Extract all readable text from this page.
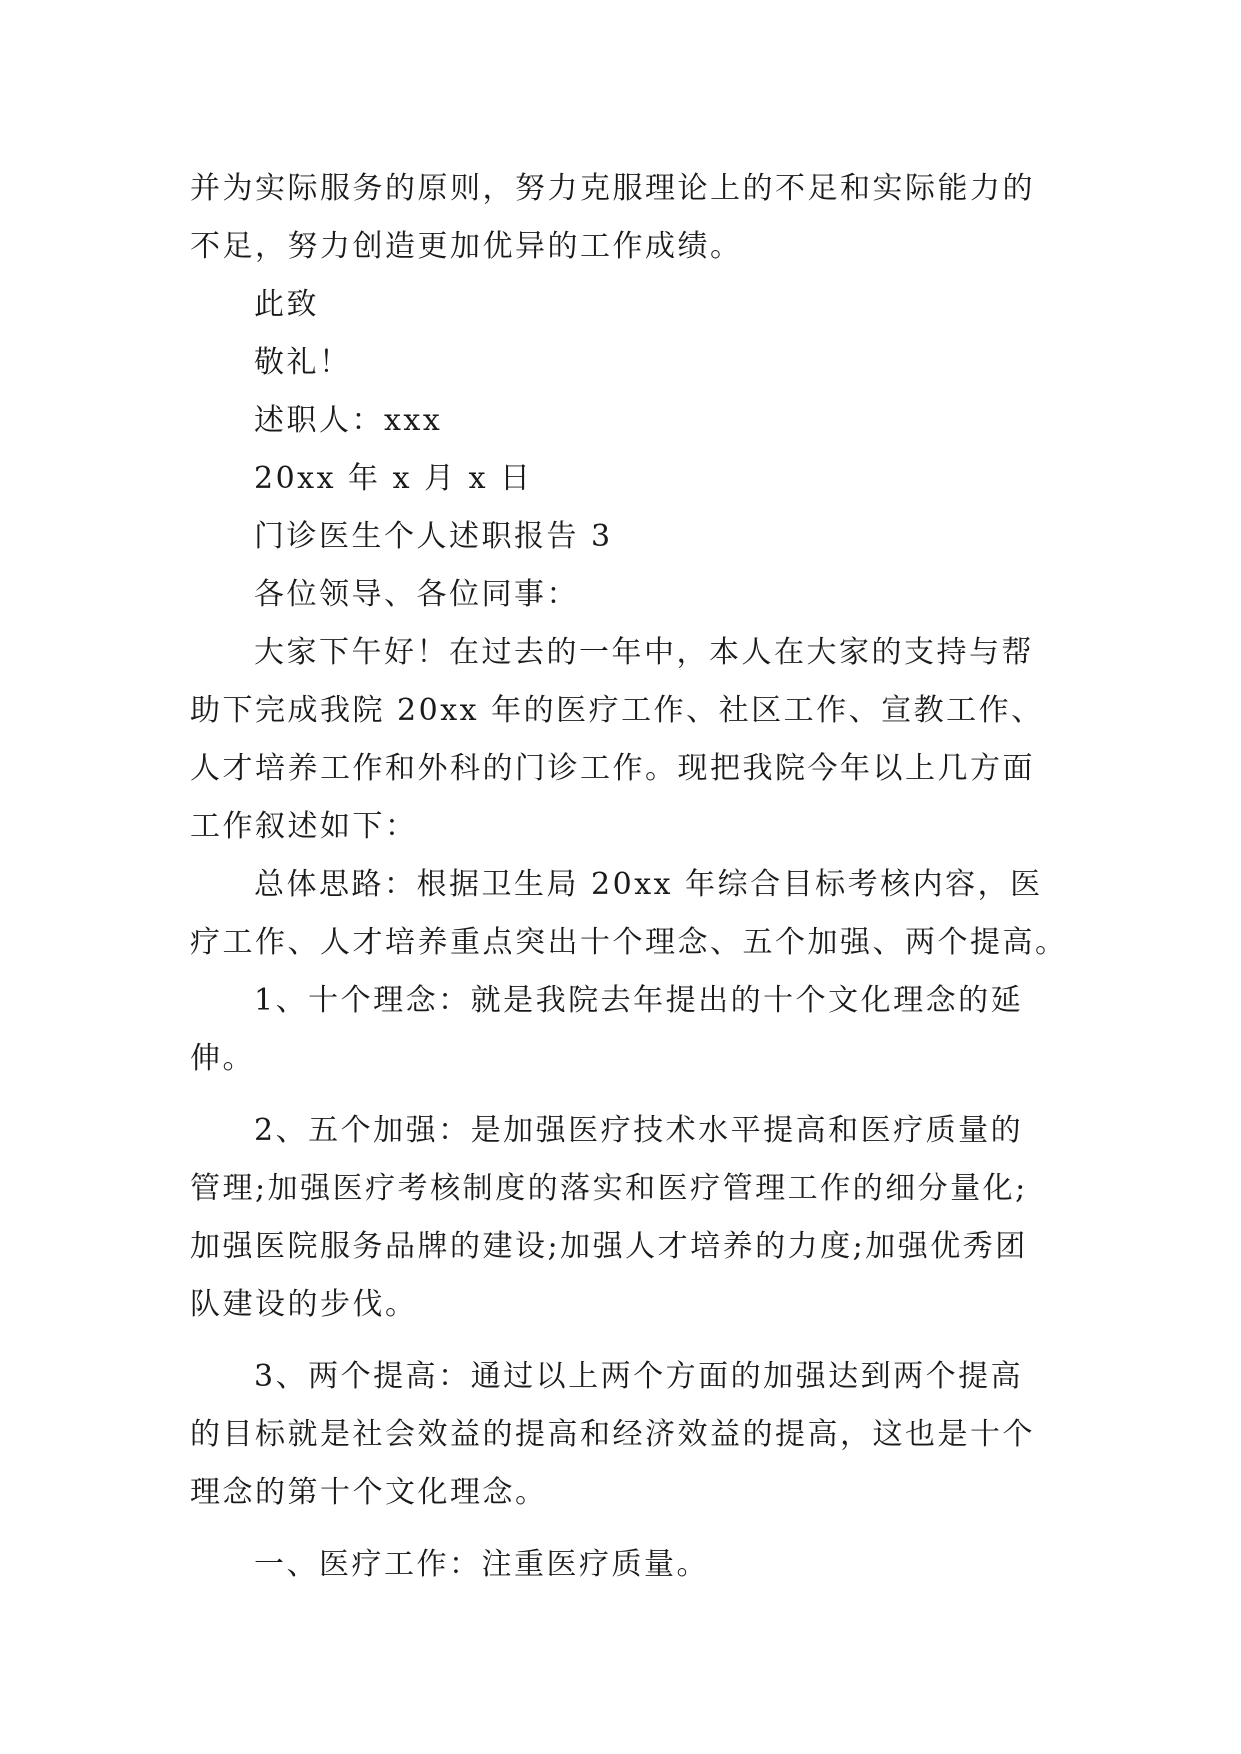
并为实际服务的原则，努力克服理论上的不足和实际能力的
不足，努力创造更加优异的工作成绩。
此致
敬礼！
述职人：xxx
20xx 年 x 月 x 日
门诊医生个人述职报告 3
各位领导、各位同事：
大家下午好！在过去的一年中，本人在大家的支持与帮
助下完成我院 20xx 年的医疗工作、社区工作、宣教工作、
人才培养工作和外科的门诊工作。现把我院今年以上几方面
工作叙述如下：
总体思路：根据卫生局 20xx 年综合目标考核内容，医
疗工作、人才培养重点突出十个理念、五个加强、两个提高。
1、十个理念：就是我院去年提出的十个文化理念的延
伸。
2、五个加强：是加强医疗技术水平提高和医疗质量的
管理;加强医疗考核制度的落实和医疗管理工作的细分量化;
加强医院服务品牌的建设;加强人才培养的力度;加强优秀团
队建设的步伐。
3、两个提高：通过以上两个方面的加强达到两个提高
的目标就是社会效益的提高和经济效益的提高，这也是十个
理念的第十个文化理念。
一、医疗工作：注重医疗质量。
